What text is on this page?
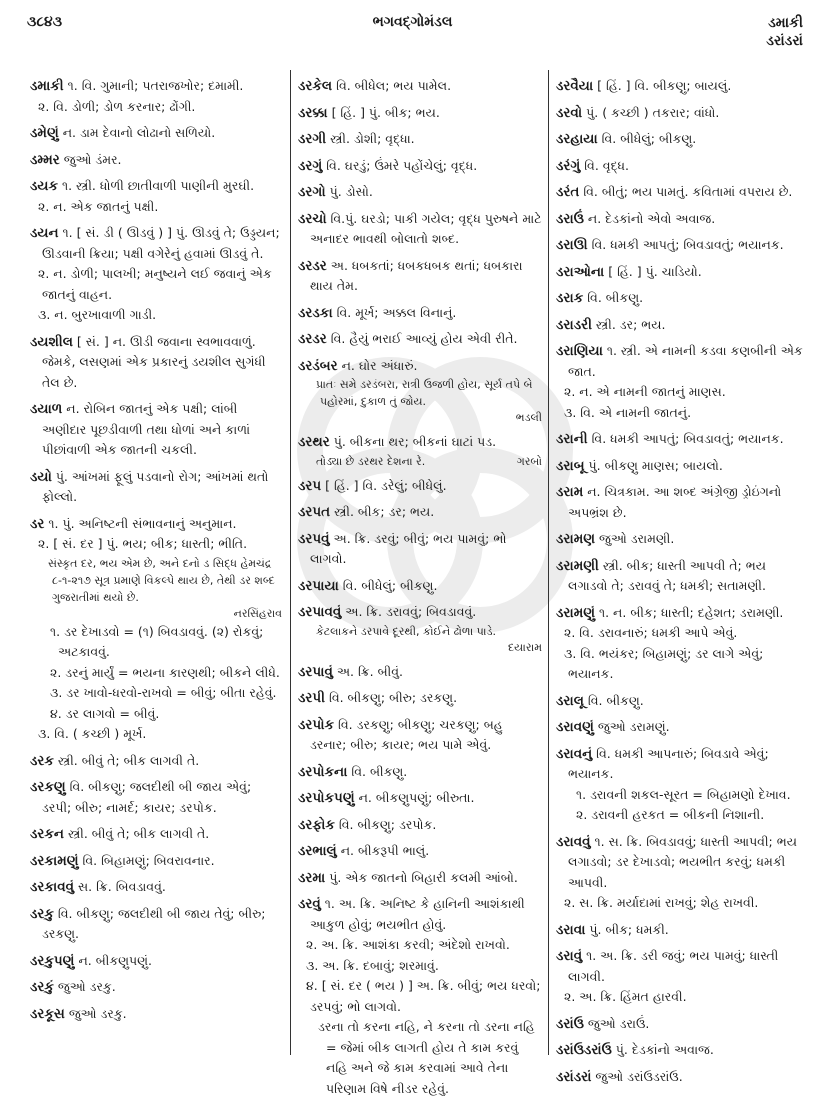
૩૮૪૩	ભગવદ્ગોમંડલ	ડમાકી
ડરાંડરાં

ડમાકી ૧. વિ. ગુમાની; પતરાજખોર; દમામી.

૨. વિ. ડોળી; ડોળ કરનાર; ઢોંગી.

ડમેણું ન. ડામ દેવાનો લોઢાનો સળિયો.

ડમ્મર જુઓ ડંમર.

ડયક ૧. સ્ત્રી. ધોળી છાતીવાળી પાણીની મુરઘી.

૨. ન. એક જાતનું પક્ષી.

ડયન ૧. [ સં. ડી ( ઊડવું ) ] પું. ઊડવું તે; ઉડ્ડયન; ઊડવાની ક્રિયા; પક્ષી વગેરેનું હવામાં ઊડવું તે.

૨. ન. ડોળી; પાલખી; મનુષ્યને લઈ જવાનું એક જાતનું વાહન.

૩. ન. બુરખાવાળી ગાડી.

ડયશીલ [ સં. ] ન. ઊડી જવાના સ્વભાવવાળું. જેમકે, લસણમાં એક પ્રકારનું ડયશીલ સુગંધી તેલ છે.

ડયાળ ન. રોબિન જાતનું એક પક્ષી; લાંબી અણીદાર પૂછડીવાળી તથા ધોળાં અને કાળાં પીછાંવાળી એક જાતની ચકલી.

ડયો પું. આંખમાં ફૂલું પડવાનો રોગ; આંખમાં થતો ફોલ્લો.

ડર ૧. પું. અનિષ્ટની સંભાવનાનું અનુમાન.

૨. [ સં. દર ] પું. ભય; બીક; ધાસ્તી; ભીતિ.

સંસ્કૃત દર, ભય એમ છે, અને દનો ડ સિદ્ધ હેમચંદ્ર ૮-૧-૨૧૭ સૂત્ર પ્રમાણે વિકલ્પે થાય છે, તેથી ડર શબ્દ ગુજરાતીમાં થયો છે.

નરસિંહરાવ

૧. ડર દેખાડવો = (૧) બિવડાવવું. (૨) રોકવું; અટકાવવું.

૨. ડરનું માર્યું = ભયના કારણથી; બીકને લીધે.

૩. ડર ખાવો-ધરવો-રાખવો = બીવું; બીતા રહેવું.

૪. ડર લાગવો = બીવું.

૩. વિ. ( કચ્છી ) મૂર્ખ.

ડરક સ્ત્રી. બીવું તે; બીક લાગવી તે.

ડરકણુ વિ. બીકણુ; જલદીથી બી જાય એવું; ડરપી; બીરુ; નામર્દ; કાયર; ડરપોક.

ડરકન સ્ત્રી. બીવું તે; બીક લાગવી તે.

ડરકામણું વિ. બિહામણું; બિવરાવનાર.

ડરકાવવું સ. ક્રિ. બિવડાવવું.

ડરકુ વિ. બીકણુ; જલદીથી બી જાય તેવું; બીરુ; ડરકણુ.

ડરકુપણું ન. બીકણુપણું.

ડરકું જુઓ ડરકુ.

ડરકૂસ જુઓ ડરકુ.

ડરકેલ વિ. બીધેલ; ભય પામેલ.

ડરક્કા [ હિં. ] પું. બીક; ભય.

ડરગી સ્ત્રી. ડોશી; વૃદ્ધા.

ડરગું વિ. ઘરડું; ઉંમરે પહોંચેલું; વૃદ્ધ.

ડરગો પું. ડોસો.

ડરચો વિ.પું. ઘરડો; પાકી ગયેલ; વૃદ્ધ પુરુષને માટે અનાદર ભાવથી બોલાતો શબ્દ.

ડરડર અ. ધબકતાં; ધબકધબક થતાં; ધબકારા થાય તેમ.

ડરડકા વિ. મૂર્ખ; અક્કલ વિનાનું.

ડરડર વિ. હૈયું ભરાઈ આવ્યું હોય એવી રીતે.

ડરડંબર ન. ઘોર અંધારું.

પ્રાતઃ સમે ડરડંબરા, રાત્રી ઉજળી હોય, સૂર્ય તપે બે પહોરમાં, દુકાળ તું જોય.

ભડલી

ડરથર પું. બીકના થર; બીકનાં ઘાટાં પડ.

ગરબો
તોડ્યા છે ડરથર દેશના રે.

ડરપ [ હિં. ] વિ. ડરેલું; બીધેલું.

ડરપત સ્ત્રી. બીક; ડર; ભય.

ડરપવું અ. ક્રિ. ડરવું; બીવું; ભય પામવું; ભો લાગવો.

ડરપાયા વિ. બીધેલું; બીકણુ.

ડરપાવવું અ. ક્રિ. ડરાવવું; બિવડાવવું.

કેટલાકને ડરપાવે દૂરથી, કોઈને ઢોળા પાડે.

દયારામ

ડરપાવું અ. ક્રિ. બીવું.

ડરપી વિ. બીકણુ; બીરુ; ડરકણુ.

ડરપોક વિ. ડરકણુ; બીકણુ; ચરકણુ; બહુ ડરનાર; બીરુ; કાયર; ભય પામે એવું.

ડરપોકના વિ. બીકણુ.

ડરપોકપણું ન. બીકણુપણું; બીરુતા.

ડરફોક વિ. બીકણુ; ડરપોક.

ડરભાલું ન. બીકરૂપી ભાલું.

ડરમા પું. એક જાતનો બિહારી કલમી આંબો.

ડરવું ૧. અ. ક્રિ. અનિષ્ટ કે હાનિની આશંકાથી આકુળ હોવું; ભયભીત હોવું.

૨. અ. ક્રિ. આશંકા કરવી; અંદેશો રાખવો.

૩. અ. ક્રિ. દબાવું; શરમાવું.

૪. [ સં. દર ( ભય ) ] અ. ક્રિ. બીવું; ભય ધરવો; ડરપવું; ભો લાગવો.

ડરના તો કરના નહિ, ને કરના તો ડરના નહિ = જેમાં બીક લાગતી હોય તે કામ કરવું નહિ અને જે કામ કરવામાં આવે તેના પરિણામ વિષે નીડર રહેવું.

ડરવૈયા [ હિં. ] વિ. બીકણુ; બાયલું.

ડરવો પું. ( કચ્છી ) તકરાર; વાંધો.

ડરહાયા વિ. બીધેલું; બીકણુ.

ડરંગું વિ. વૃદ્ધ.

ડરંત વિ. બીતું; ભય પામતું. કવિતામાં વપરાય છે.

ડરાઉં ન. દેડકાંનો એવો અવાજ.

ડરાઊ વિ. ધમકી આપતું; બિવડાવતું; ભયાનક.

ડરાઓના [ હિં. ] પું. ચાડિયો.

ડરાક વિ. બીકણુ.

ડરાડરી સ્ત્રી. ડર; ભય.

ડરાણિયા ૧. સ્ત્રી. એ નામની કડવા કણબીની એક જાત.

૨. ન. એ નામની જાતનું માણસ.

૩. વિ. એ નામની જાતનું.

ડરાની વિ. ધમકી આપતું; બિવડાવતું; ભયાનક.

ડરાબૂ પું. બીકણુ માણસ; બાયલો.

ડરામ ન. ચિત્રકામ. આ શબ્દ અંગ્રેજી ડ્રોઇંગનો અપભ્રંશ છે.

ડરામણ જુઓ ડરામણી.

ડરામણી સ્ત્રી. બીક; ધાસ્તી આપવી તે; ભય લગાડવો તે; ડરાવવું તે; ધમકી; સતામણી.

ડરામણું ૧. ન. બીક; ધાસ્તી; દહેશત; ડરામણી.

૨. વિ. ડરાવનારું; ધમકી આપે એવું.

૩. વિ. ભયંકર; બિહામણું; ડર લાગે એવું; ભયાનક.

ડરાલૂ વિ. બીકણુ.

ડરાવણું જુઓ ડરામણું.

ડરાવનું વિ. ધમકી આપનારું; બિવડાવે એવું; ભયાનક.

૧. ડરાવની શકલ-સૂરત = બિહામણો દેખાવ.

૨. ડરાવની હરકત = બીકની નિશાની.

ડરાવવું ૧. સ. ક્રિ. બિવડાવવું; ધાસ્તી આપવી; ભય લગાડવો; ડર દેખાડવો; ભયભીત કરવું; ધમકી આપવી.

૨. સ. ક્રિ. મર્યાદામાં રાખવું; શેહ રાખવી.

ડરાવા પું. બીક; ધમકી.

ડરાવું ૧. અ. ક્રિ. ડરી જવું; ભય પામવું; ધાસ્તી લાગવી.

૨. અ. ક્રિ. હિંમત હારવી.

ડરાંઉ જુઓ ડરાઉં.

ડરાંઉડરાંઉ પું. દેડકાંનો અવાજ.

ડરાંડરાં જુઓ ડરાંઉડરાંઉ.
